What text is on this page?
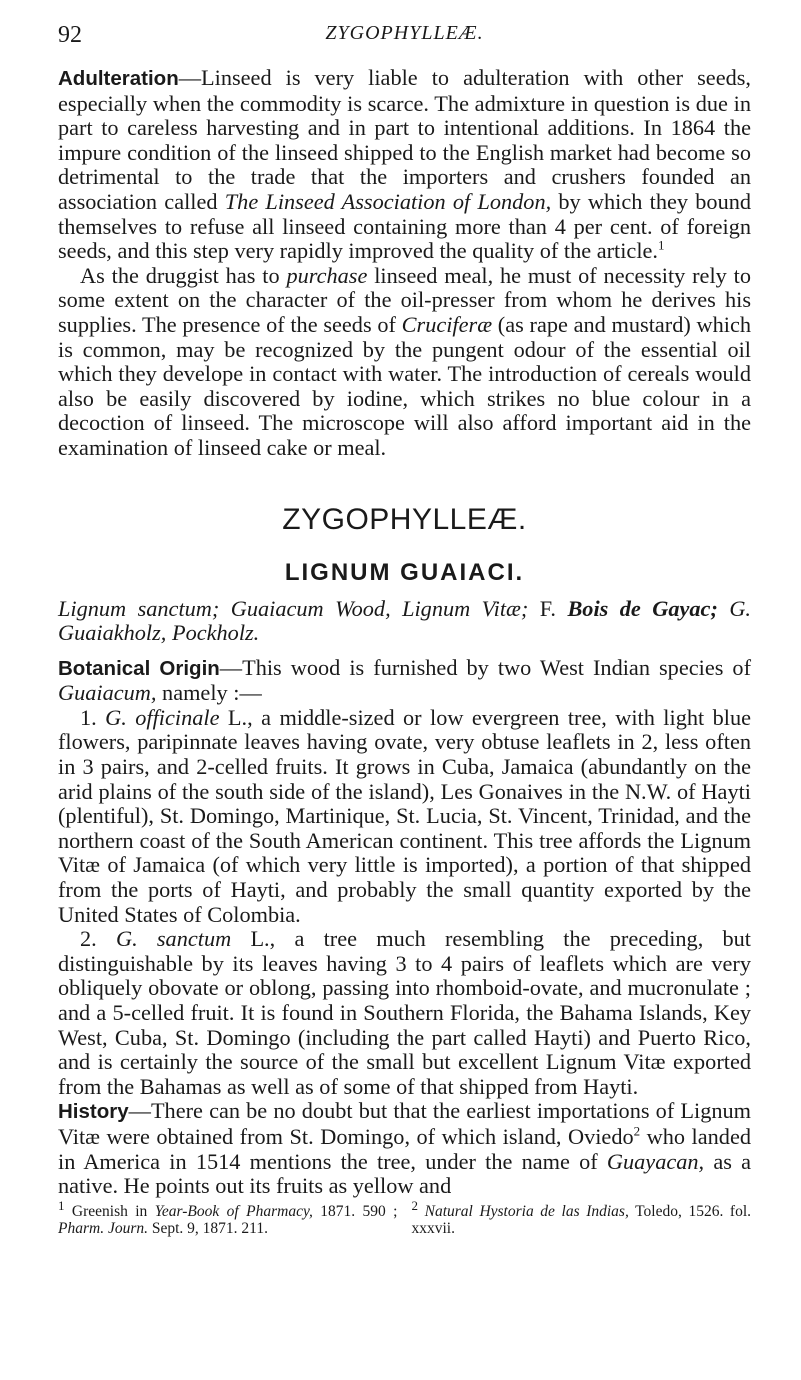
92	ZYGOPHYLLEÆ.

Adulteration—Linseed is very liable to adulteration with other seeds, especially when the commodity is scarce. The admixture in question is due in part to careless harvesting and in part to intentional additions. In 1864 the impure condition of the linseed shipped to the English market had become so detrimental to the trade that the importers and crushers founded an association called The Linseed Association of London, by which they bound themselves to refuse all linseed containing more than 4 per cent. of foreign seeds, and this step very rapidly improved the quality of the article.$^1$

As the druggist has to purchase linseed meal, he must of necessity rely to some extent on the character of the oil-presser from whom he derives his supplies. The presence of the seeds of Cruciferæ (as rape and mustard) which is common, may be recognized by the pungent odour of the essential oil which they develope in contact with water. The introduction of cereals would also be easily discovered by iodine, which strikes no blue colour in a decoction of linseed. The microscope will also afford important aid in the examination of linseed cake or meal.

ZYGOPHYLLEÆ.
LIGNUM GUAIACI.
Lignum sanctum; Guaiacum Wood, Lignum Vitæ; F. Bois de Gayac; G. Guaiakholz, Pockholz.

Botanical Origin—This wood is furnished by two West Indian species of Guaiacum, namely :—

1. G. officinale L., a middle-sized or low evergreen tree, with light blue flowers, paripinnate leaves having ovate, very obtuse leaflets in 2, less often in 3 pairs, and 2-celled fruits. It grows in Cuba, Jamaica (abundantly on the arid plains of the south side of the island), Les Gonaives in the N.W. of Hayti (plentiful), St. Domingo, Martinique, St. Lucia, St. Vincent, Trinidad, and the northern coast of the South American continent. This tree affords the Lignum Vitæ of Jamaica (of which very little is imported), a portion of that shipped from the ports of Hayti, and probably the small quantity exported by the United States of Colombia.

2. G. sanctum L., a tree much resembling the preceding, but distinguishable by its leaves having 3 to 4 pairs of leaflets which are very obliquely obovate or oblong, passing into rhomboid-ovate, and mucronulate ; and a 5-celled fruit. It is found in Southern Florida, the Bahama Islands, Key West, Cuba, St. Domingo (including the part called Hayti) and Puerto Rico, and is certainly the source of the small but excellent Lignum Vitæ exported from the Bahamas as well as of some of that shipped from Hayti.

History—There can be no doubt but that the earliest importations of Lignum Vitæ were obtained from St. Domingo, of which island, Oviedo$^2$ who landed in America in 1514 mentions the tree, under the name of Guayacan, as a native. He points out its fruits as yellow and

$^1$ Greenish in Year-Book of Pharmacy, 1871. 590 ; Pharm. Journ. Sept. 9, 1871. 211.
$^2$ Natural Hystoria de las Indias, Toledo, 1526. fol. xxxvii.
